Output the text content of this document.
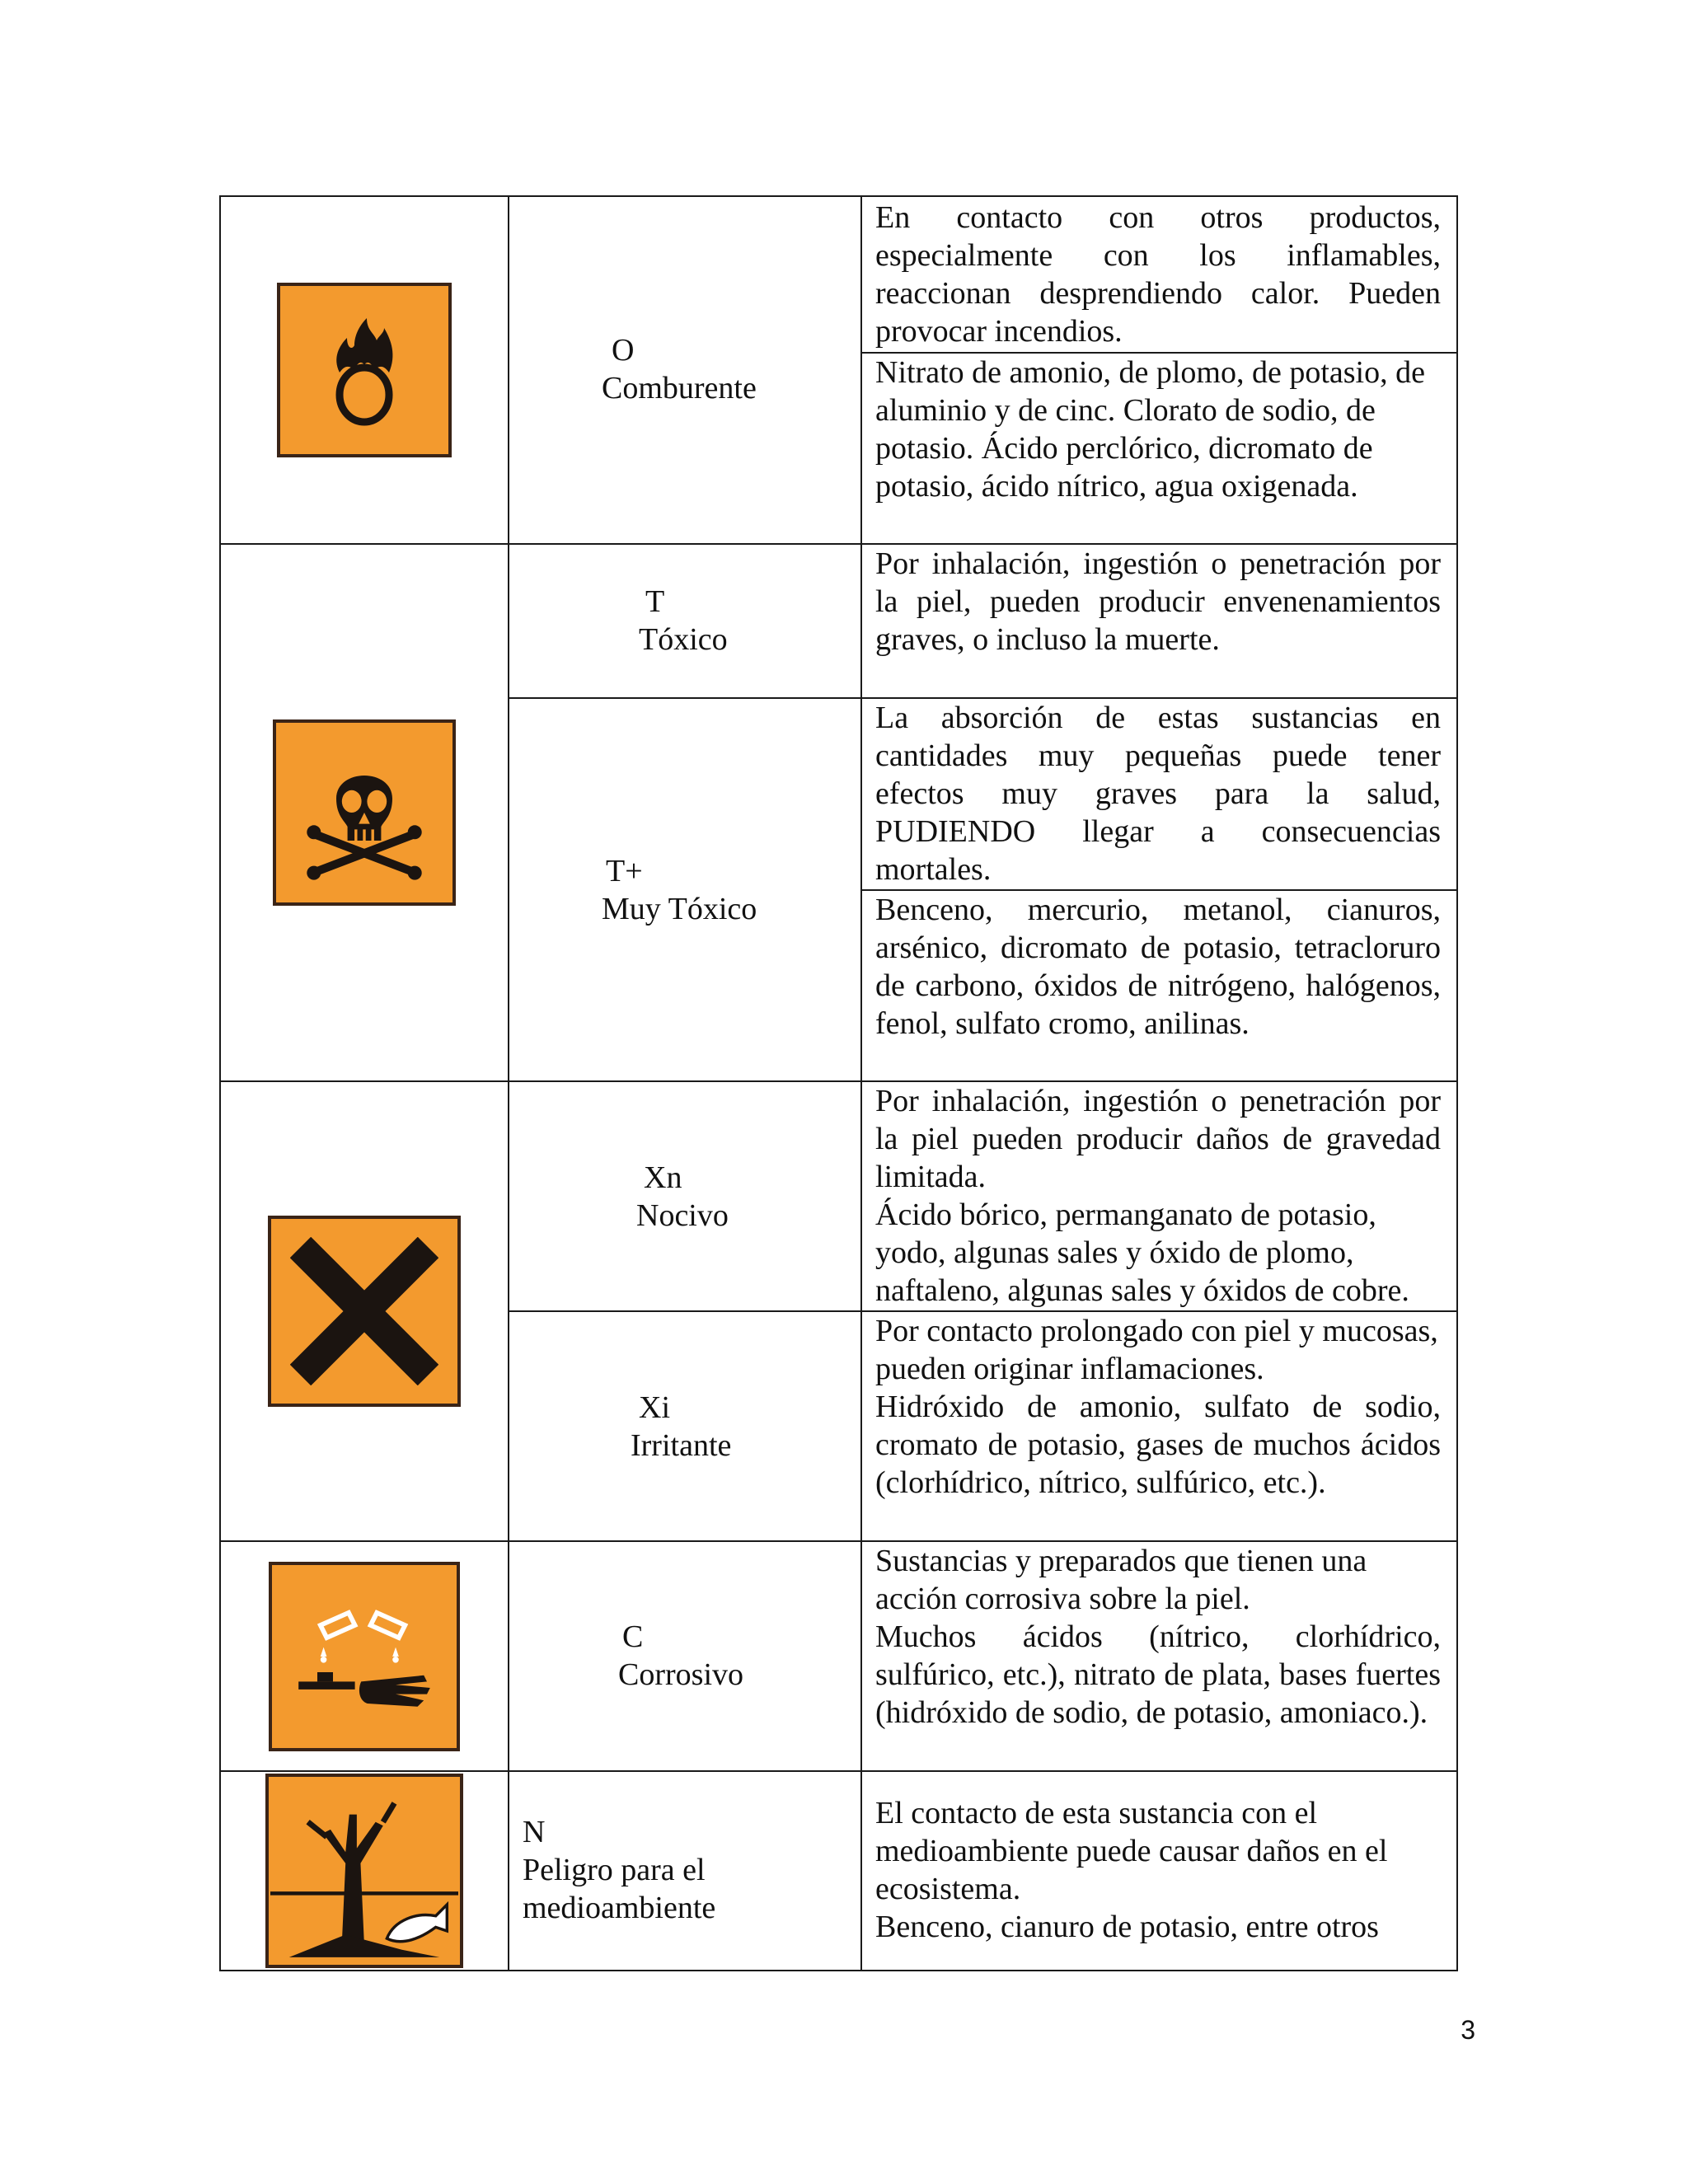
O
Comburente
T
Tóxico
T+
Muy Tóxico
Xn
Nocivo
Xi
Irritante
C
Corrosivo
N
Peligro para el medioambiente

En contacto con otros productos, especialmente con los inflamables, reaccionan desprendiendo calor. Pueden provocar incendios.

Nitrato de amonio, de plomo, de potasio, de aluminio y de cinc. Clorato de sodio, de potasio. Ácido perclórico, dicromato de potasio, ácido nítrico, agua oxigenada.

Por inhalación, ingestión o penetración por la piel, pueden producir envenenamientos graves, o incluso la muerte.

La absorción de estas sustancias en cantidades muy pequeñas puede tener efectos muy graves para la salud, PUDIENDO llegar a consecuencias mortales.

Benceno, mercurio, metanol, cianuros, arsénico, dicromato de potasio, tetracloruro de carbono, óxidos de nitrógeno, halógenos, fenol, sulfato cromo, anilinas.

Por inhalación, ingestión o penetración por la piel pueden producir daños de gravedad limitada.

Ácido bórico, permanganato de potasio, yodo, algunas sales y óxido de plomo, naftaleno, algunas sales y óxidos de cobre.

Por contacto prolongado con piel y mucosas, pueden originar inflamaciones.

Hidróxido de amonio, sulfato de sodio, cromato de potasio, gases de muchos ácidos (clorhídrico, nítrico, sulfúrico, etc.).

Sustancias y preparados que tienen una acción corrosiva sobre la piel.

Muchos ácidos (nítrico, clorhídrico, sulfúrico, etc.), nitrato de plata, bases fuertes (hidróxido de sodio, de potasio, amoniaco.).

El contacto de esta sustancia con el medioambiente puede causar daños en el ecosistema.

Benceno, cianuro de potasio, entre otros

3
